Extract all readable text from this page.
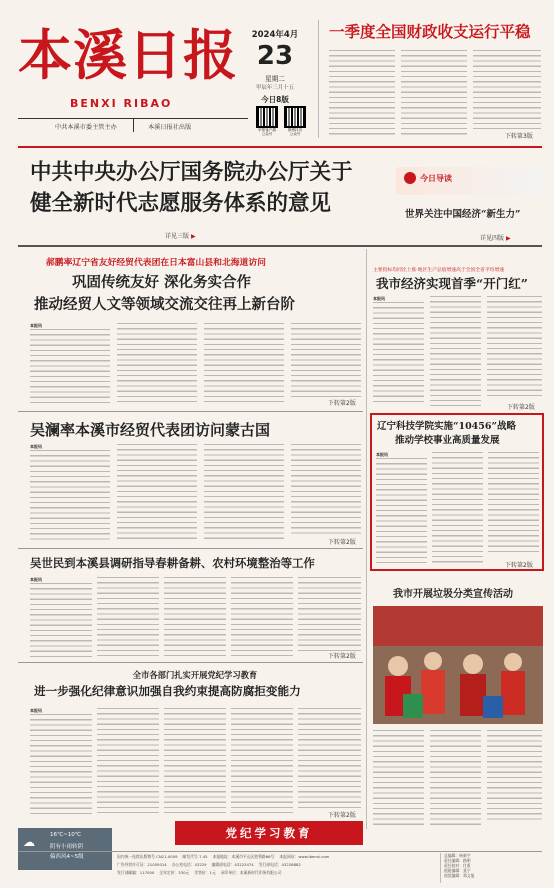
本溪日报
BENXI RIBAO
中共本溪市委主管主办	本溪日报社出版
2024年4月
23
星期二
甲辰年三月十五
今日8版
甲报客户端
公众号
微博抖音
公众号
一季度全国财政收支运行平稳
下转第3版
中共中央办公厅国务院办公厅关于
健全新时代志愿服务体系的意见
详见三版 ▶
今日导读
世界关注中国经济“新生力”
详见四版 ▶
郝鹏率辽宁省友好经贸代表团在日本富山县和北海道访问
巩固传统友好 深化务实合作
推动经贸人文等领域交流交往再上新台阶
本报讯
下转第2版
主要指标均同比上涨·地区生产总值增速高于全国全省平均增速
我市经济实现首季“开门红”
本报讯
下转第2版
吴澜率本溪市经贸代表团访问蒙古国
本报讯
下转第2版
辽宁科技学院实施“10456”战略
推动学校事业高质量发展
本报讯
下转第2版
吴世民到本溪县调研指导春耕备耕、农村环境整治等工作
本报讯
下转第2版
我市开展垃圾分类宣传活动
全市各部门扎实开展党纪学习教育
进一步强化纪律意识加强自我约束提高防腐拒变能力
本报讯
下转第2版
党纪学习教育
☁	16℃~10℃
阴有小雨转阴
偏西风4~5级	国内统一连续出版物号 CN21-0009　 邮发代号 7-45　 本报地址：本溪市平山区胜利路66号　 本报网站：www.ibenxi.com
广告经营许可证：21050014　 办公室电话：43229　 编辑部电话：43223474　 发行部电话：43226882
发行部邮编：117000　 全年定价：330元　 零售价：1元　 承印单位：本溪新时代印务有限公司
总编辑：杨新宇
责任编辑：路明
责任校对：付重
值班编辑：聂宁
视觉编辑：郑文旭
